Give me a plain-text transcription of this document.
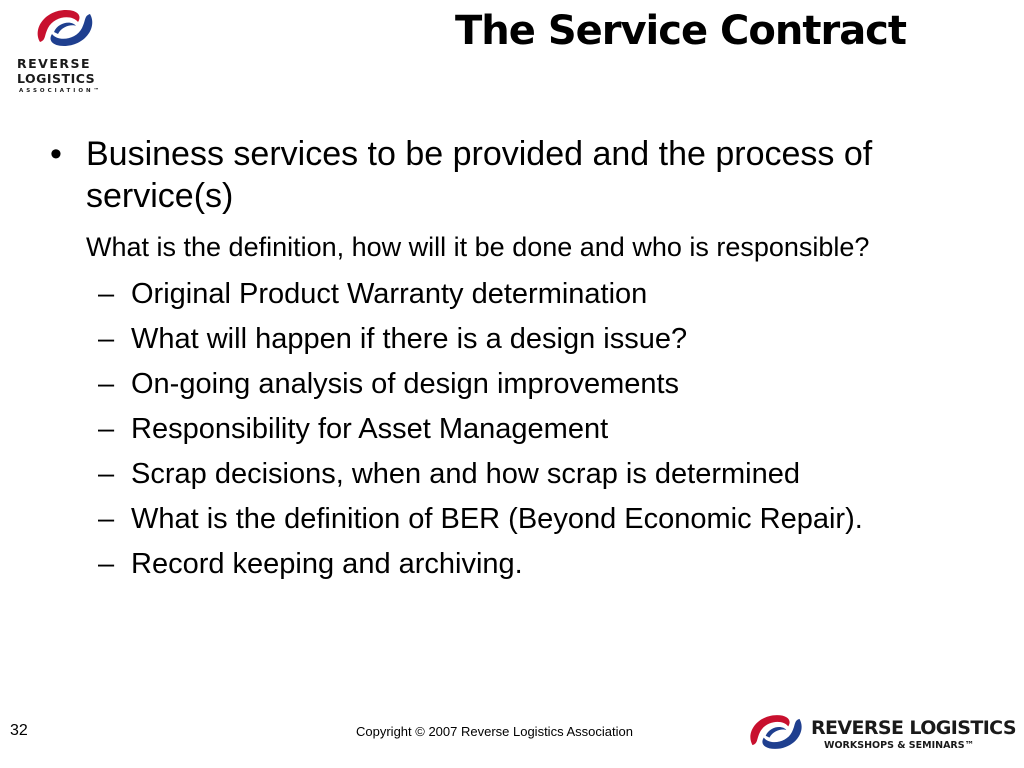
REVERSE
LOGISTICS
ASSOCIATION™
The Service Contract
• Business services to be provided and the process of service(s)
What is the definition, how will it be done and who is responsible?
– Original Product Warranty determination
– What will happen if there is a design issue?
– On-going analysis of design improvements
– Responsibility for Asset Management
– Scrap decisions, when and how scrap is determined
– What is the definition of BER (Beyond Economic Repair).
– Record keeping and archiving.
32	Copyright © 2007 Reverse Logistics Association	REVERSE LOGISTICS
WORKSHOPS & SEMINARS™
